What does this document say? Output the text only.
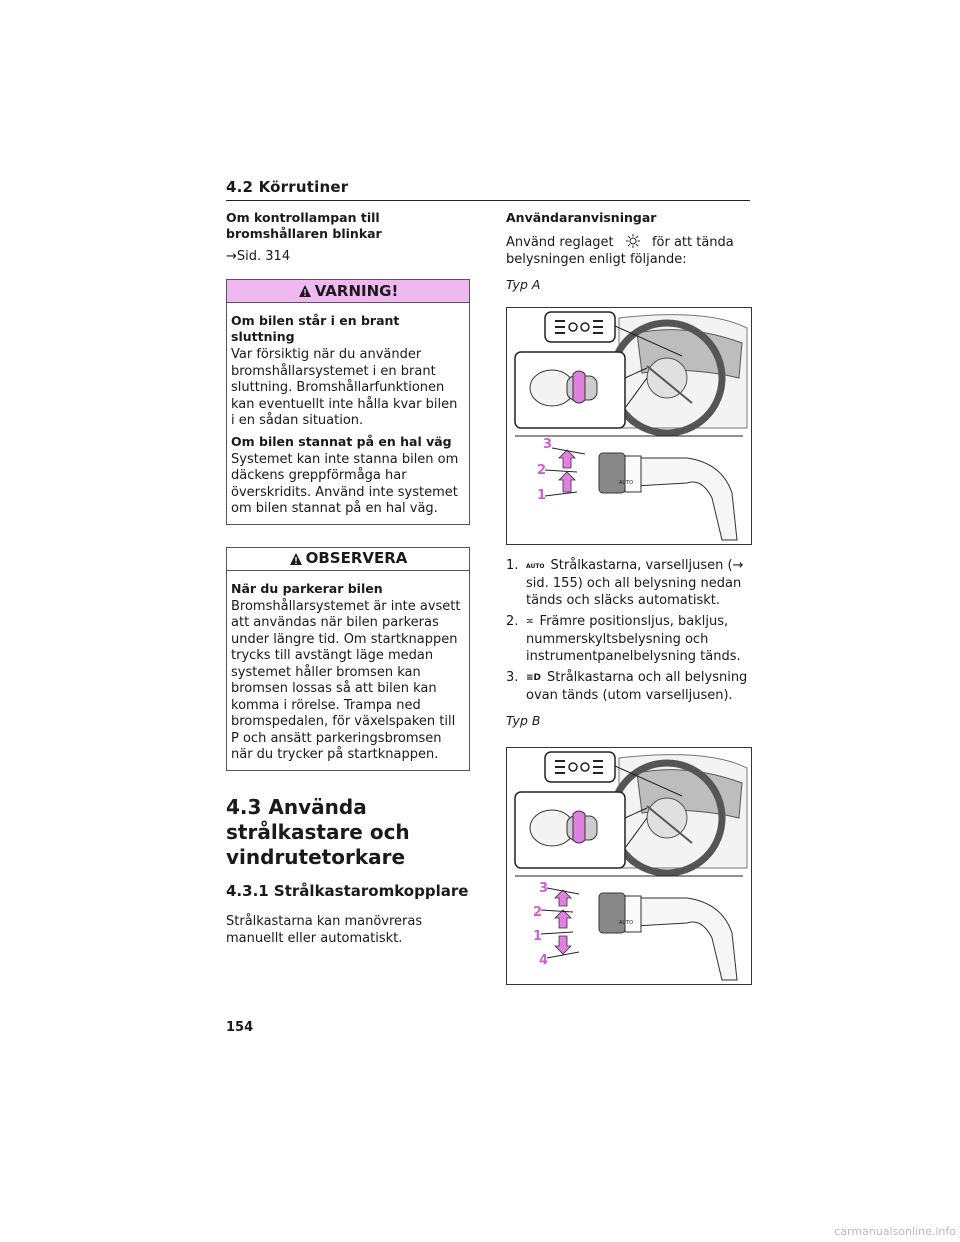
4.2 Körrutiner

Om kontrollampan till bromshållaren blinkar

→Sid. 314

VARNING!

Om bilen står i en brant sluttning

Var försiktig när du använder bromshållarsystemet i en brant sluttning. Bromshållarfunktionen kan eventuellt inte hålla kvar bilen i en sådan situation.

Om bilen stannat på en hal väg

Systemet kan inte stanna bilen om däckens greppförmåga har överskridits. Använd inte systemet om bilen stannat på en hal väg.

OBSERVERA

När du parkerar bilen

Bromshållarsystemet är inte avsett att användas när bilen parkeras under längre tid. Om startknappen trycks till avstängt läge medan systemet håller bromsen kan bromsen lossas så att bilen kan komma i rörelse. Trampa ned bromspedalen, för växelspaken till P och ansätt parkeringsbromsen när du trycker på startknappen.

4.3 Använda strålkastare och vindrutetorkare

4.3.1 Strålkastaromkopplare

Strålkastarna kan manövreras manuellt eller automatiskt.

Användaranvisningar

Använd reglaget	för att tända belysningen enligt följande:

Typ A

AUTO
3
2
1
1. AUTO Strålkastarna, varselljusen (→ sid. 155) och all belysning nedan tänds och släcks automatiskt.
2. ≍ Främre positionsljus, bakljus, nummerskyltsbelysning och instrumentpanelbelysning tänds.
3. ≡D Strålkastarna och all belysning ovan tänds (utom varselljusen).

Typ B

AUTO
3
2
1
4
154
carmanualsonline.info
